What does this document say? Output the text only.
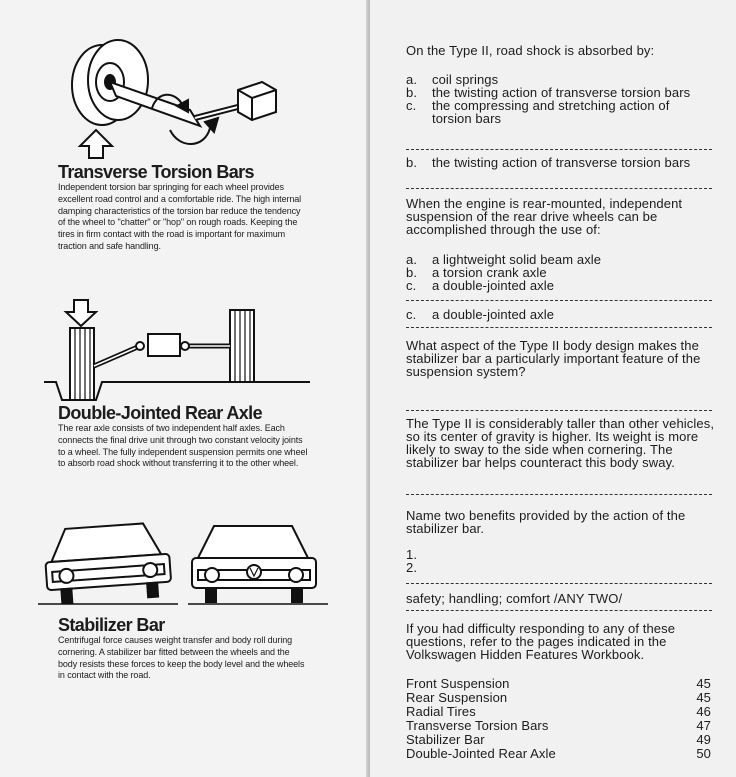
Transverse Torsion Bars

Independent torsion bar springing for each wheel provides excellent road control and a comfortable ride. The high internal damping characteristics of the torsion bar reduce the tendency of the wheel to "chatter" or "hop" on rough roads. Keeping the tires in firm contact with the road is important for maximum traction and safe handling.

Double-Jointed Rear Axle

The rear axle consists of two independent half axles. Each connects the final drive unit through two constant velocity joints to a wheel. The fully independent suspension permits one wheel to absorb road shock without transferring it to the other wheel.

Stabilizer Bar

Centrifugal force causes weight transfer and body roll during cornering. A stabilizer bar fitted between the wheels and the body resists these forces to keep the body level and the wheels in contact with the road.

On the Type II, road shock is absorbed by:

a. coil springs
b. the twisting action of transverse torsion bars
c. the compressing and stretching action of torsion bars
b. the twisting action of transverse torsion bars

When the engine is rear-mounted, independent suspension of the rear drive wheels can be accomplished through the use of:

a. a lightweight solid beam axle
b. a torsion crank axle
c. a double-jointed axle
c. a double-jointed axle

What aspect of the Type II body design makes the stabilizer bar a particularly important feature of the suspension system?

The Type II is considerably taller than other vehicles, so its center of gravity is higher. Its weight is more likely to sway to the side when cornering. The stabilizer bar helps counteract this body sway.

Name two benefits provided by the action of the stabilizer bar.

1.

2.

safety; handling; comfort /ANY TWO/

If you had difficulty responding to any of these questions, refer to the pages indicated in the Volkswagen Hidden Features Workbook.

Front Suspension	45
Rear Suspension	45
Radial Tires	46
Transverse Torsion Bars	47
Stabilizer Bar	49
Double-Jointed Rear Axle	50
